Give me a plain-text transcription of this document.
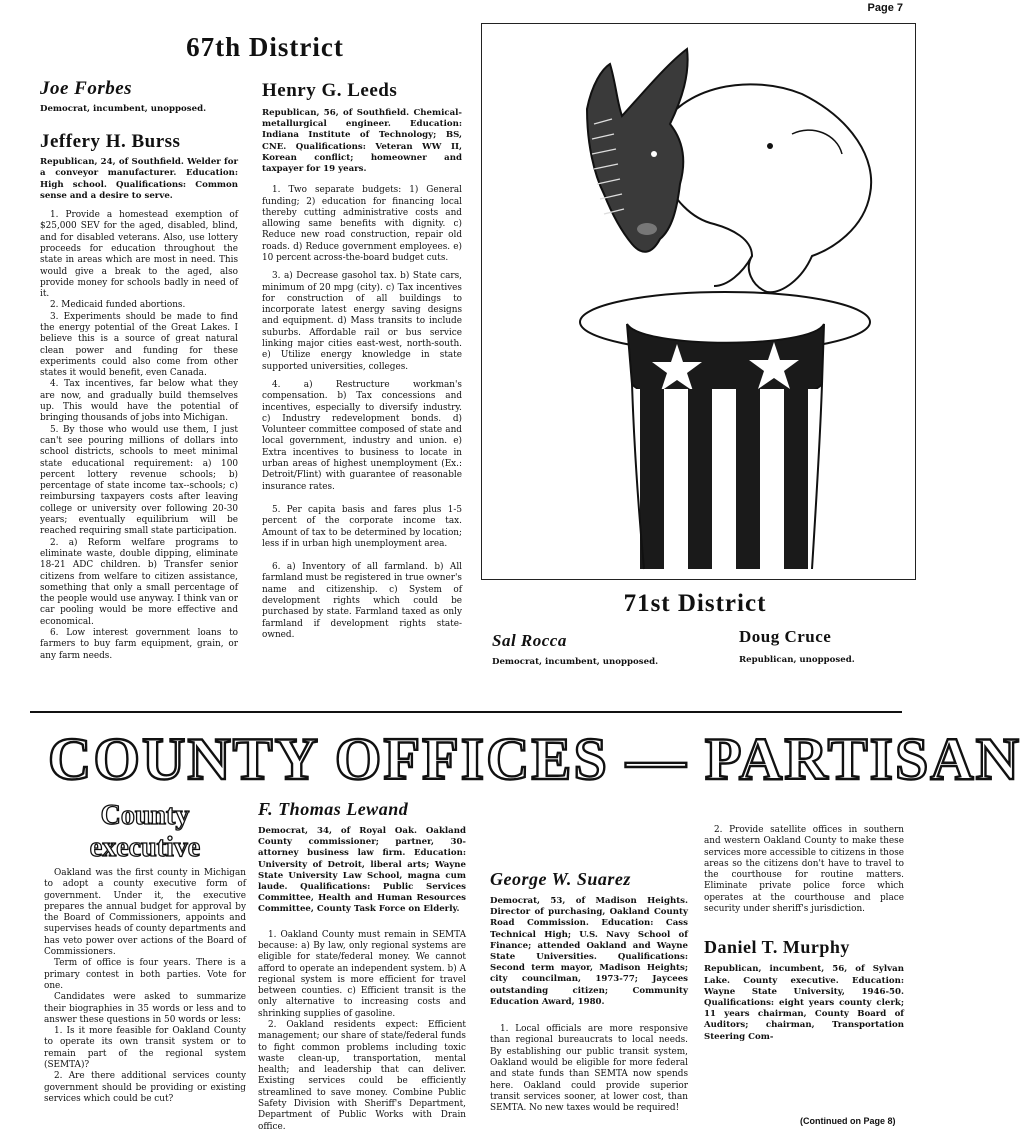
Page 7
67th District
Joe Forbes
Democrat, incumbent, unopposed.
Jeffery H. Burss
Republican, 24, of Southfield. Welder for a conveyor manufacturer. Education: High school. Qualifications: Common sense and a desire to serve.

1. Provide a homestead exemption of $25,000 SEV for the aged, disabled, blind, and for disabled veterans. Also, use lottery proceeds for education throughout the state in areas which are most in need. This would give a break to the aged, also provide money for schools badly in need of it.

2. Medicaid funded abortions.

3. Experiments should be made to find the energy potential of the Great Lakes. I believe this is a source of great natural clean power and funding for these experiments could also come from other states it would benefit, even Canada.

4. Tax incentives, far below what they are now, and gradually build themselves up. This would have the potential of bringing thousands of jobs into Michigan.

5. By those who would use them, I just can't see pouring millions of dollars into school districts, schools to meet minimal state educational requirement: a) 100 percent lottery revenue schools; b) percentage of state income tax--schools; c) reimbursing taxpayers costs after leaving college or university over following 20-30 years; eventually equilibrium will be reached requiring small state participation.

2. a) Reform welfare programs to eliminate waste, double dipping, eliminate 18-21 ADC children. b) Transfer senior citizens from welfare to citizen assistance, something that only a small percentage of the people would use anyway. I think van or car pooling would be more effective and economical.

6. Low interest government loans to farmers to buy farm equipment, grain, or any farm needs.

Henry G. Leeds
Republican, 56, of Southfield. Chemical-metallurgical engineer. Education: Indiana Institute of Technology; BS, CNE. Qualifications: Veteran WW II, Korean conflict; homeowner and taxpayer for 19 years.

1. Two separate budgets: 1) General funding; 2) education for financing local thereby cutting administrative costs and allowing same benefits with dignity. c) Reduce new road construction, repair old roads. d) Reduce government employees. e) 10 percent across-the-board budget cuts.

3. a) Decrease gasohol tax. b) State cars, minimum of 20 mpg (city). c) Tax incentives for construction of all buildings to incorporate latest energy saving designs and equipment. d) Mass transits to include suburbs. Affordable rail or bus service linking major cities east-west, north-south. e) Utilize energy knowledge in state supported universities, colleges.

4. a) Restructure workman's compensation. b) Tax concessions and incentives, especially to diversify industry. c) Industry redevelopment bonds. d) Volunteer committee composed of state and local government, industry and union. e) Extra incentives to business to locate in urban areas of highest unemployment (Ex.: Detroit/Flint) with guarantee of reasonable insurance rates.

5. Per capita basis and fares plus 1-5 percent of the corporate income tax. Amount of tax to be determined by location; less if in urban high unemployment area.

6. a) Inventory of all farmland. b) All farmland must be registered in true owner's name and citizenship. c) System of development rights which could be purchased by state. Farmland taxed as only farmland if development rights state-owned.

71st District
Sal Rocca
Democrat, incumbent, unopposed.
Doug Cruce
Republican, unopposed.
COUNTY OFFICES — PARTISAN
County
executive

Oakland was the first county in Michigan to adopt a county executive form of government. Under it, the executive prepares the annual budget for approval by the Board of Commissioners, appoints and supervises heads of county departments and has veto power over actions of the Board of Commissioners.

Term of office is four years. There is a primary contest in both parties. Vote for one.

Candidates were asked to summarize their biographies in 35 words or less and to answer these questions in 50 words or less:

1. Is it more feasible for Oakland County to operate its own transit system or to remain part of the regional system (SEMTA)?

2. Are there additional services county government should be providing or existing services which could be cut?

F. Thomas Lewand
Democrat, 34, of Royal Oak. Oakland County commissioner; partner, 30-attorney business law firm. Education: University of Detroit, liberal arts; Wayne State University Law School, magna cum laude. Qualifications: Public Services Committee, Health and Human Resources Committee, County Task Force on Elderly.

1. Oakland County must remain in SEMTA because: a) By law, only regional systems are eligible for state/federal money. We cannot afford to operate an independent system. b) A regional system is more efficient for travel between counties. c) Efficient transit is the only alternative to increasing costs and shrinking supplies of gasoline.

2. Oakland residents expect: Efficient management; our share of state/federal funds to fight common problems including toxic waste clean-up, transportation, mental health; and leadership that can deliver. Existing services could be efficiently streamlined to save money. Combine Public Safety Division with Sheriff's Department, Department of Public Works with Drain office.

George W. Suarez
Democrat, 53, of Madison Heights. Director of purchasing, Oakland County Road Commission. Education: Cass Technical High; U.S. Navy School of Finance; attended Oakland and Wayne State Universities. Qualifications: Second term mayor, Madison Heights; city councilman, 1973-77; Jaycees outstanding citizen; Community Education Award, 1980.

1. Local officials are more responsive than regional bureaucrats to local needs. By establishing our public transit system, Oakland would be eligible for more federal and state funds than SEMTA now spends here. Oakland could provide superior transit services sooner, at lower cost, than SEMTA. No new taxes would be required!

2. Provide satellite offices in southern and western Oakland County to make these services more accessible to citizens in those areas so the citizens don't have to travel to the courthouse for routine matters. Eliminate private police force which operates at the courthouse and place security under sheriff's jurisdiction.

Daniel T. Murphy
Republican, incumbent, 56, of Sylvan Lake. County executive. Education: Wayne State University, 1946-50. Qualifications: eight years county clerk; 11 years chairman, County Board of Auditors; chairman, Transportation Steering Com-
(Continued on Page 8)
